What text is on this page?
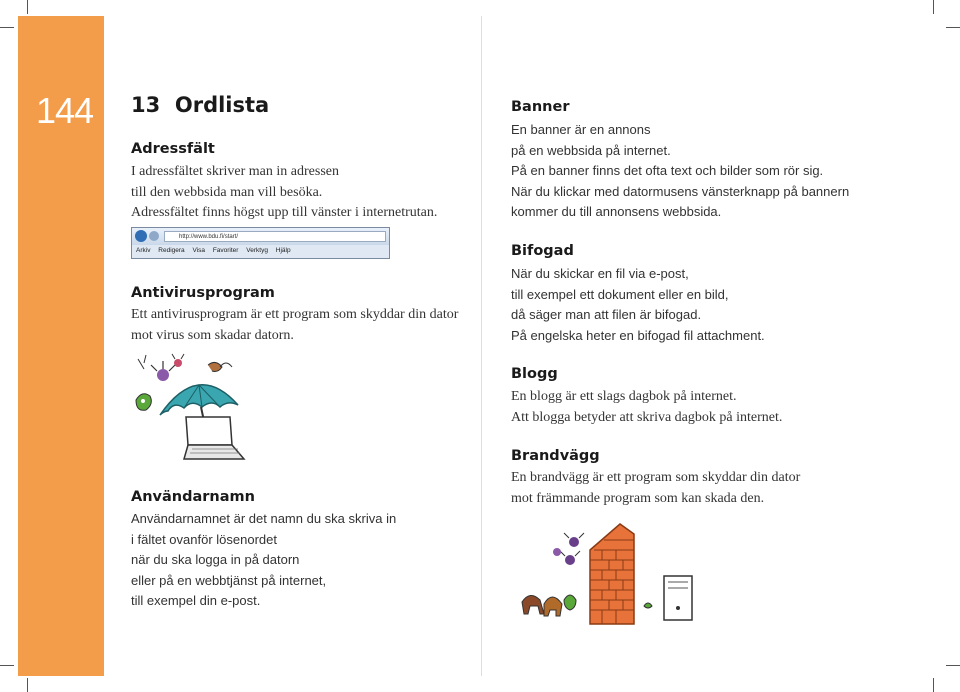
144 13 Ordlista
Adressfält
I adressfältet skriver man in adressen
till den webbsida man vill besöka.
Adressfältet finns högst upp till vänster i internetrutan.
http://www.bdu.fi/start/
Arkiv Redigera Visa Favoriter Verktyg Hjälp
Antivirusprogram
Ett antivirusprogram är ett program som skyddar din dator
mot virus som skadar datorn.
Användarnamn
Användarnamnet är det namn du ska skriva in
i fältet ovanför lösenordet
när du ska logga in på datorn
eller på en webbtjänst på internet,
till exempel din e-post.
Banner
En banner är en annons
på en webbsida på internet.
På en banner finns det ofta text och bilder som rör sig.
När du klickar med datormusens vänsterknapp på bannern
kommer du till annonsens webbsida.
Bifogad
När du skickar en fil via e-post,
till exempel ett dokument eller en bild,
då säger man att filen är bifogad.
På engelska heter en bifogad fil attachment.
Blogg
En blogg är ett slags dagbok på internet.
Att blogga betyder att skriva dagbok på internet.
Brandvägg
En brandvägg är ett program som skyddar din dator
mot främmande program som kan skada den.
